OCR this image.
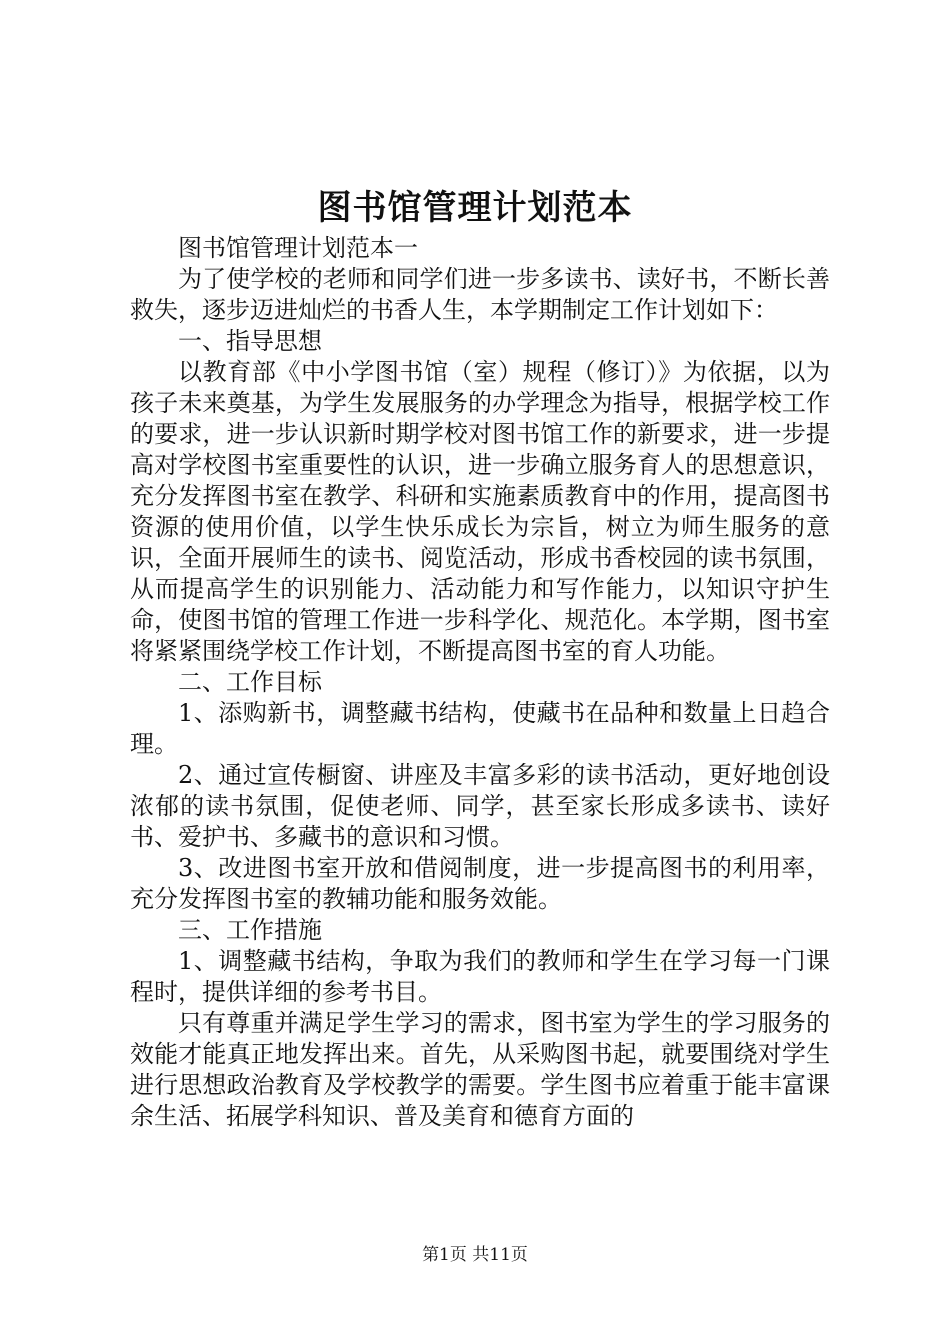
图书馆管理计划范本

图书馆管理计划范本一

为了使学校的老师和同学们进一步多读书、读好书，不断长善救失，逐步迈进灿烂的书香人生，本学期制定工作计划如下：

一、指导思想

以教育部《中小学图书馆（室）规程（修订）》为依据，以为孩子未来奠基，为学生发展服务的办学理念为指导，根据学校工作的要求，进一步认识新时期学校对图书馆工作的新要求，进一步提高对学校图书室重要性的认识，进一步确立服务育人的思想意识，充分发挥图书室在教学、科研和实施素质教育中的作用，提高图书资源的使用价值，以学生快乐成长为宗旨，树立为师生服务的意识，全面开展师生的读书、阅览活动，形成书香校园的读书氛围，从而提高学生的识别能力、活动能力和写作能力，以知识守护生命，使图书馆的管理工作进一步科学化、规范化。本学期，图书室将紧紧围绕学校工作计划，不断提高图书室的育人功能。

二、工作目标

1、添购新书，调整藏书结构，使藏书在品种和数量上日趋合理。

2、通过宣传橱窗、讲座及丰富多彩的读书活动，更好地创设浓郁的读书氛围，促使老师、同学，甚至家长形成多读书、读好书、爱护书、多藏书的意识和习惯。

3、改进图书室开放和借阅制度，进一步提高图书的利用率，充分发挥图书室的教辅功能和服务效能。

三、工作措施

1、调整藏书结构，争取为我们的教师和学生在学习每一门课程时，提供详细的参考书目。

只有尊重并满足学生学习的需求，图书室为学生的学习服务的效能才能真正地发挥出来。首先，从采购图书起，就要围绕对学生进行思想政治教育及学校教学的需要。学生图书应着重于能丰富课余生活、拓展学科知识、普及美育和德育方面的

第1页 共11页
